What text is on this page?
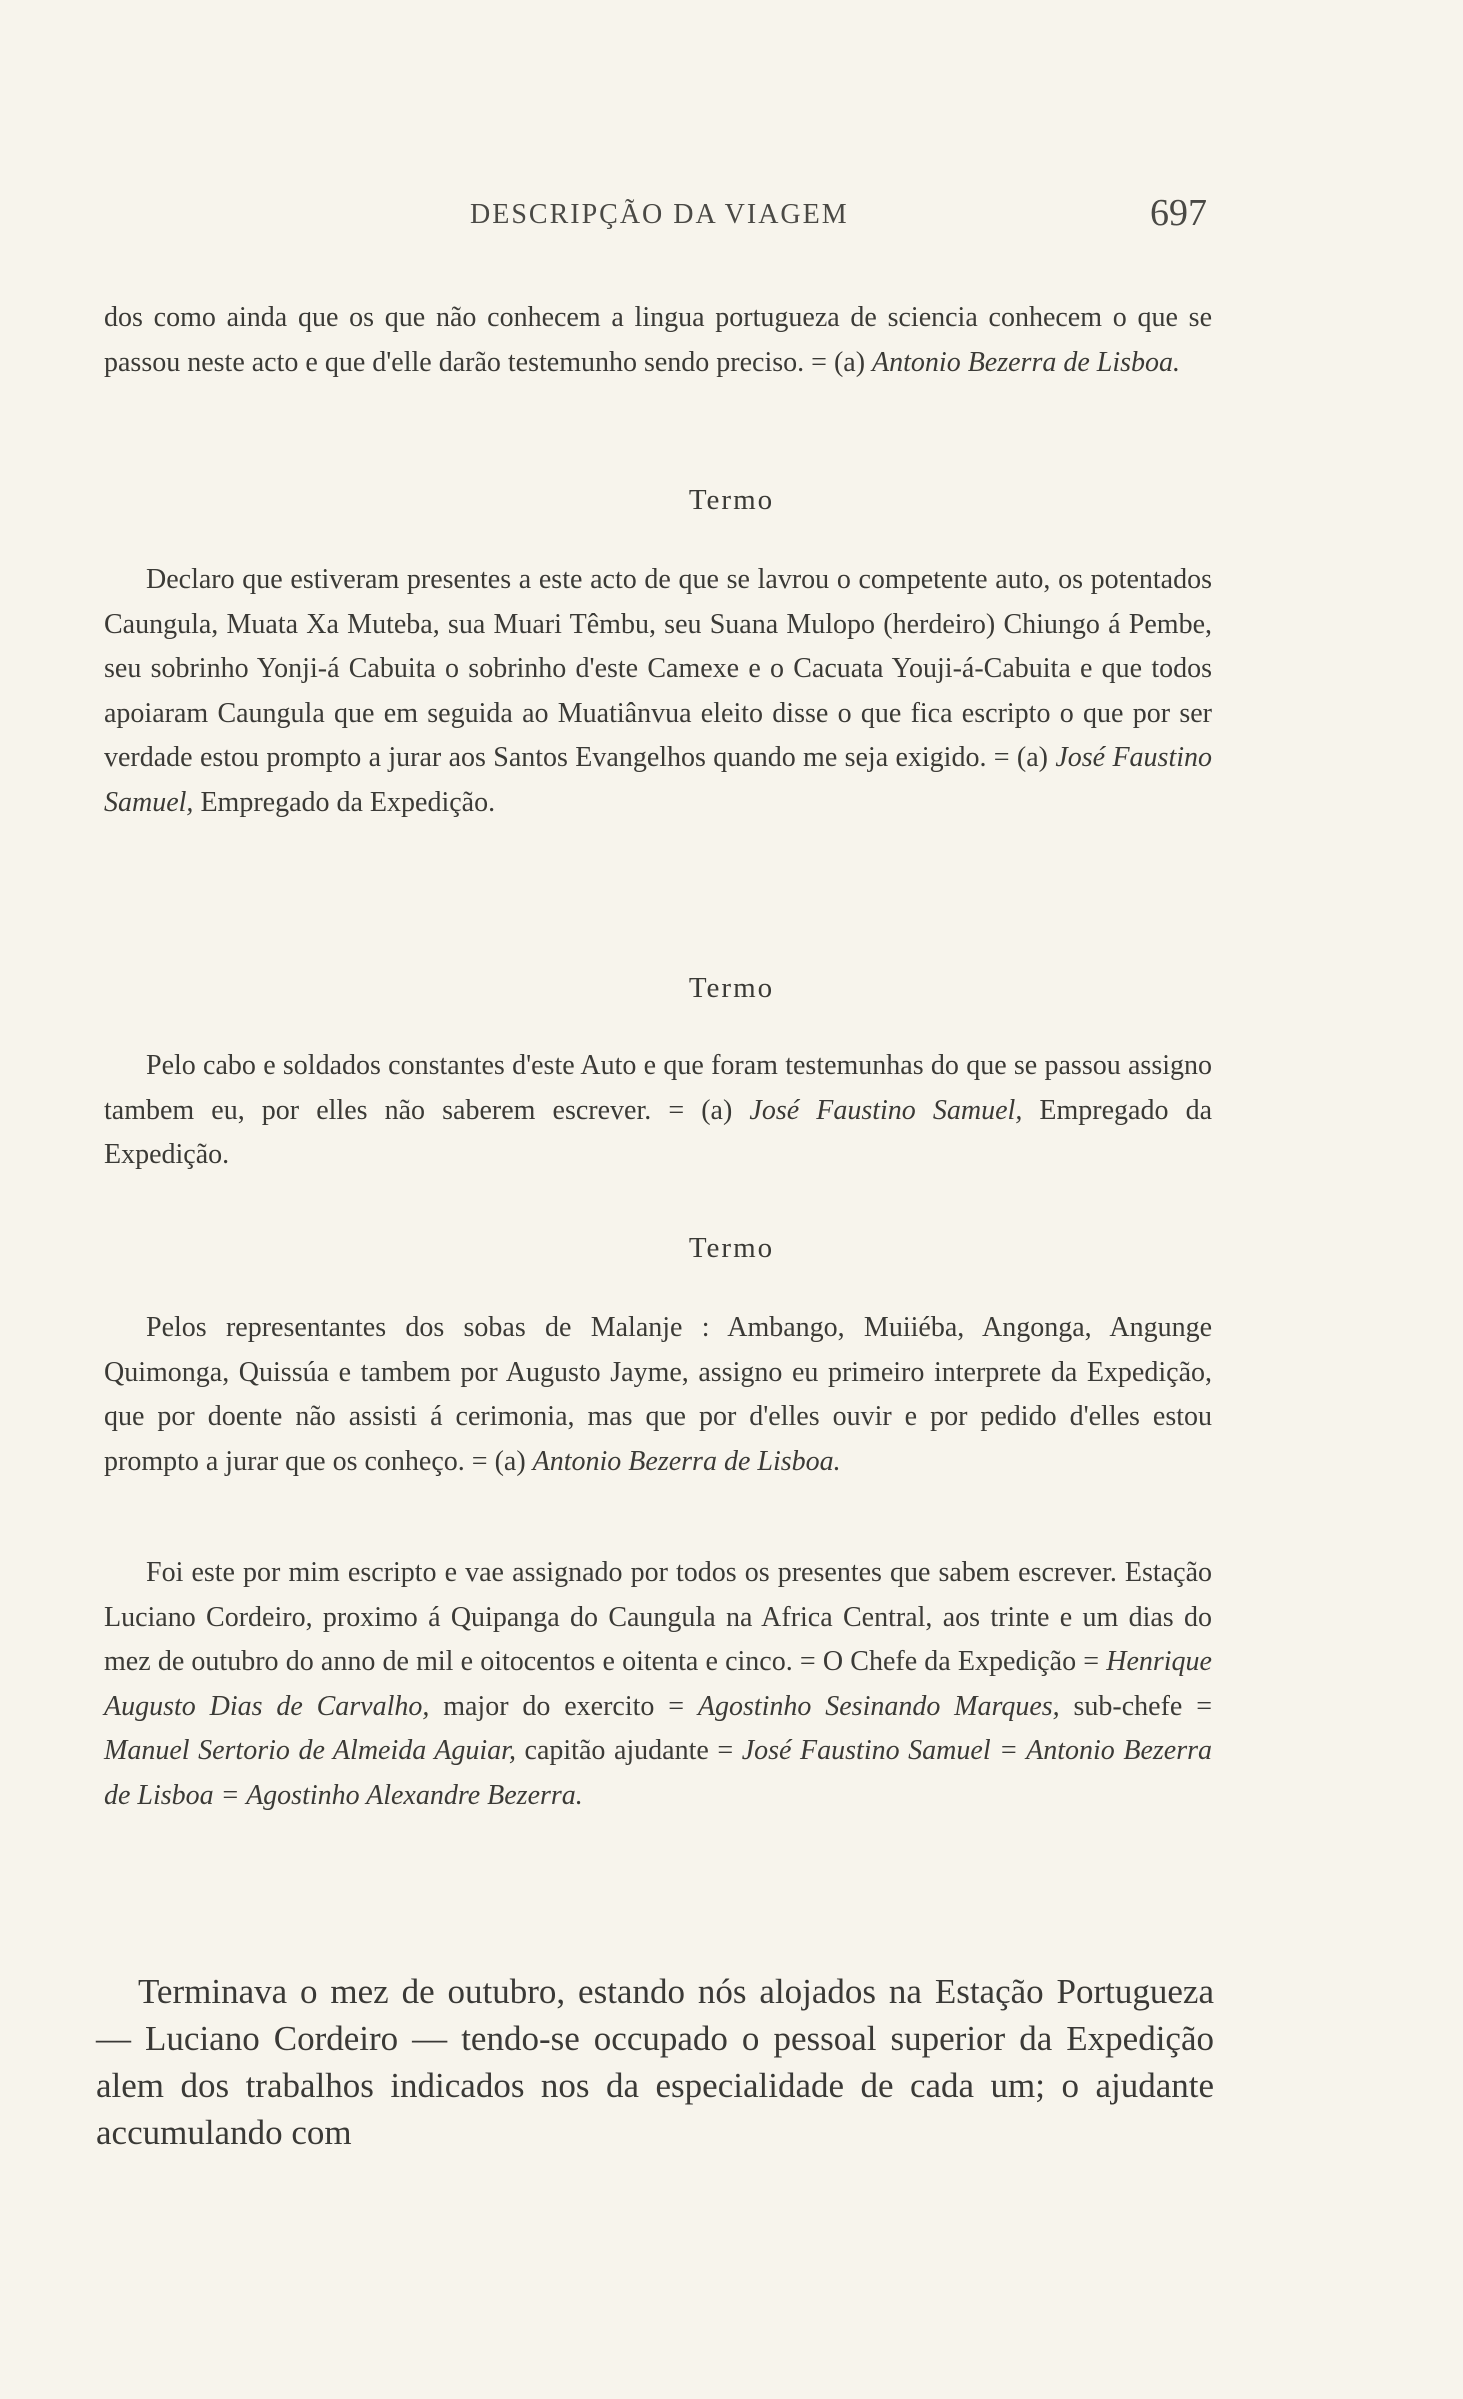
DESCRIPÇÃO DA VIAGEM	697

dos como ainda que os que não conhecem a lingua portugueza de sciencia conhecem o que se passou neste acto e que d'elle darão testemunho sendo preciso. = (a) Antonio Bezerra de Lisboa.

Termo

Declaro que estiveram presentes a este acto de que se lavrou o competente auto, os potentados Caungula, Muata Xa Muteba, sua Muari Têmbu, seu Suana Mulopo (herdeiro) Chiungo á Pembe, seu sobrinho Yonji-á Cabuita o sobrinho d'este Camexe e o Cacuata Youji-á-Cabuita e que todos apoiaram Caungula que em seguida ao Muatiânvua eleito disse o que fica escripto o que por ser verdade estou prompto a jurar aos Santos Evangelhos quando me seja exigido. = (a) José Faustino Samuel, Empregado da Expedição.

Termo

Pelo cabo e soldados constantes d'este Auto e que foram testemunhas do que se passou assigno tambem eu, por elles não saberem escrever. = (a) José Faustino Samuel, Empregado da Expedição.

Termo

Pelos representantes dos sobas de Malanje : Ambango, Muiiéba, Angonga, Angunge Quimonga, Quissúa e tambem por Augusto Jayme, assigno eu primeiro interprete da Expedição, que por doente não assisti á cerimonia, mas que por d'elles ouvir e por pedido d'elles estou prompto a jurar que os conheço. = (a) Antonio Bezerra de Lisboa.

Foi este por mim escripto e vae assignado por todos os presentes que sabem escrever. Estação Luciano Cordeiro, proximo á Quipanga do Caungula na Africa Central, aos trinte e um dias do mez de outubro do anno de mil e oitocentos e oitenta e cinco. = O Chefe da Expedição = Henrique Augusto Dias de Carvalho, major do exercito = Agostinho Sesinando Marques, sub-chefe = Manuel Sertorio de Almeida Aguiar, capitão ajudante = José Faustino Samuel = Antonio Bezerra de Lisboa = Agostinho Alexandre Bezerra.

Terminava o mez de outubro, estando nós alojados na Estação Portugueza — Luciano Cordeiro — tendo-se occupado o pessoal superior da Expedição alem dos trabalhos indicados nos da especialidade de cada um; o ajudante accumulando com
